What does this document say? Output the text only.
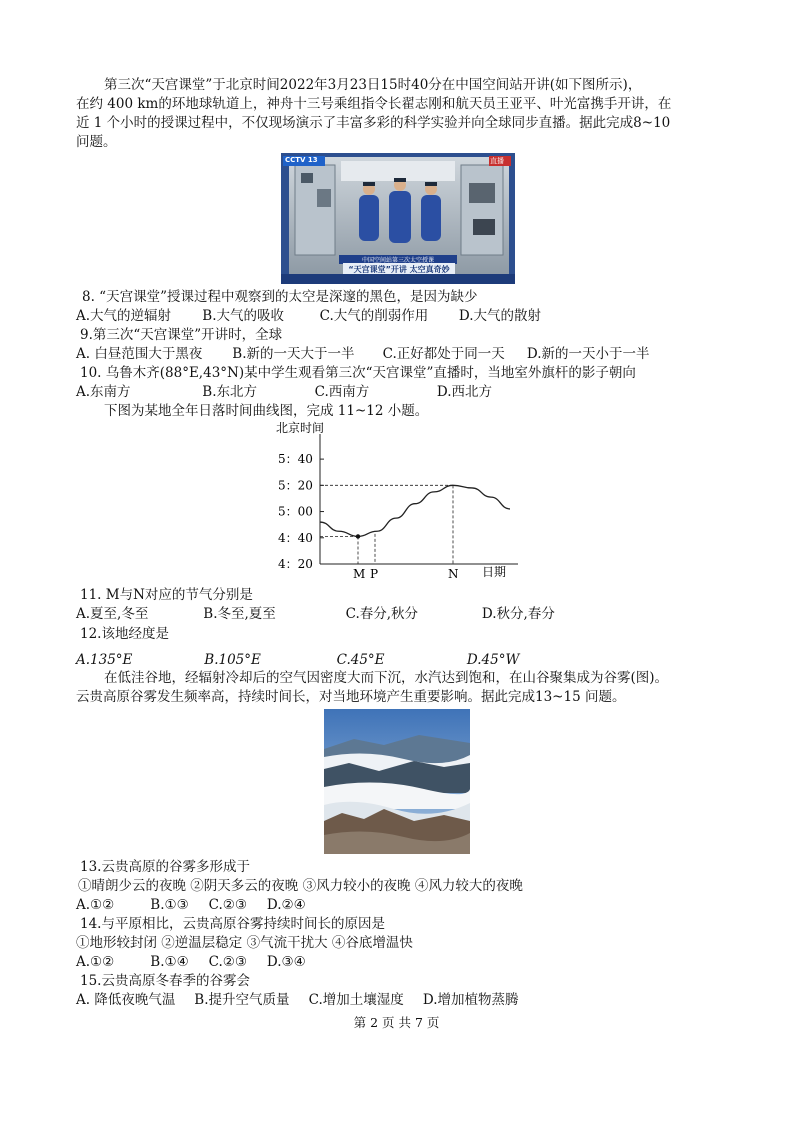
第三次“天宫课堂”于北京时间2022年3月23日15时40分在中国空间站开讲(如下图所示)，
在约 400 km的环地球轨道上，神舟十三号乘组指令长翟志刚和航天员王亚平、叶光富携手开讲，在
近 1 个小时的授课过程中，不仅现场演示了丰富多彩的科学实验并向全球同步直播。据此完成8~10
问题。
CCTV 13	直播
中国空间站第三次太空授课
“天宫课堂”开讲 太空真奇妙
8. “天宫课堂”授课过程中观察到的太空是深邃的黑色，是因为缺少
A.大气的逆辐射 B.大气的吸收	C.大气的削弱作用 D.大气的散射
9.第三次“天宫课堂”开讲时，全球
A. 白昼范围大于黑夜 B.新的一天大于一半 C.正好都处于同一天 D.新的一天小于一半
10. 乌鲁木齐(88°E,43°N)某中学生观看第三次“天宫课堂”直播时，当地室外旗杆的影子朝向
A.东南方	B.东北方	C.西南方	D.西北方
下图为某地全年日落时间曲线图，完成 11~12 小题。
北京时间
日期
5：40
5：20
5：00
4：40
4：20
M	N
P
11. M与N对应的节气分别是
A.夏至,冬至	B.冬至,夏至	C.春分,秋分	D.秋分,春分
12.该地经度是
A.135°E	B.105°E	C.45°E	D.45°W
在低洼谷地，经辐射冷却后的空气因密度大而下沉，水汽达到饱和，在山谷聚集成为谷雾(图)。
云贵高原谷雾发生频率高，持续时间长，对当地环境产生重要影响。据此完成13~15 问题。
13.云贵高原的谷雾多形成于
①晴朗少云的夜晚 ②阴天多云的夜晚 ③风力较小的夜晚 ④风力较大的夜晚
A.①②	B.①③ C.②③ D.②④
14.与平原相比，云贵高原谷雾持续时间长的原因是
①地形较封闭 ②逆温层稳定 ③气流干扰大 ④谷底增温快
A.①②	B.①④ C.②③ D.③④
15.云贵高原冬春季的谷雾会
A. 降低夜晚气温 B.提升空气质量 C.增加土壤湿度 D.增加植物蒸腾
第 2 页 共 7 页
